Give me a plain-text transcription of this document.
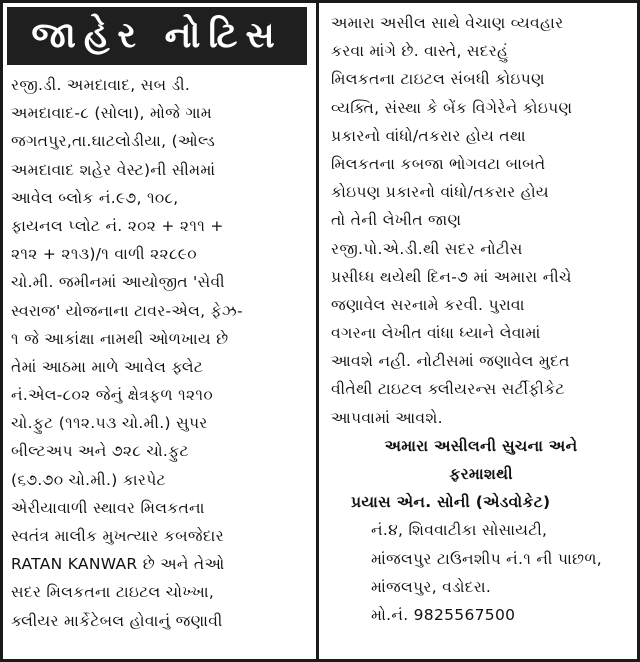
જાહેર નોટિસ
રજી.ડી. અમદાવાદ, સબ ડી.
અમદાવાદ-૮ (સોલા), મોજે ગામ
જગતપુર,તા.ઘાટલોડીયા, (ઓલ્ડ
અમદાવાદ શહેર વેસ્ટ)ની સીમમાં
આવેલ બ્લોક નં.૯૭, ૧૦૮,
ફાયનલ પ્લોટ નં. ૨૦૨ + ૨૧૧ +
૨૧૨ + ૨૧૩)/૧ વાળી ૨૨૮૯૦
ચો.મી. જમીનમાં આયોજીત 'સેવી
સ્વરાજ' યોજનાના ટાવર-એલ, ફેઝ-
૧ જે આકાંક્ષા નામથી ઓળખાય છે
તેમાં આઠમા માળે આવેલ ફ્લેટ
નં.એલ-૮૦૨ જેનું ક્ષેત્રફળ ૧૨૧૦
ચો.ફુટ (૧૧૨.૫૩ ચો.મી.) સુપર
બીલ્ટઅપ અને ૭૨૮ ચો.ફુટ
(૬૭.૭૦ ચો.મી.) કારપેટ
એરીયાવાળી સ્થાવર મિલકતના
સ્વતંત્ર માલીક મુખત્યાર કબજેદાર
RATAN KANWAR છે અને તેઓ
સદર મિલકતના ટાઇટલ ચોખ્ખા,
ક્લીયર માર્કેટેબલ હોવાનું જણાવી
અમારા અસીલ સાથે વેચાણ વ્યવહાર
કરવા માંગે છે. વાસ્તે, સદરહું
મિલકતના ટાઇટલ સંબધી કોઇપણ
વ્યક્તિ, સંસ્થા કે બેંક વિગેરેને કોઇપણ
પ્રકારનો વાંધો/તકરાર હોય તથા
મિલકતના કબજા ભોગવટા બાબતે
કોઇપણ પ્રકારનો વાંધો/તકરાર હોય
તો તેની લેખીત જાણ
રજી.પો.એ.ડી.થી સદર નોટીસ
પ્રસીધ્ધ થયેથી દિન-૭ માં અમારા નીચે
જણાવેલ સરનામે કરવી. પુરાવા
વગરના લેખીત વાંધા ધ્યાને લેવામાં
આવશે નહી. નોટીસમાં જણાવેલ મુદત
વીતેથી ટાઇટલ ક્લીયરન્સ સર્ટીફીકેટ
આપવામાં આવશે.
અમારા અસીલની સુચના અને
ફરમાશથી
પ્રયાસ એન. સોની (એડવોકેટ)
નં.૪, શિવવાટીકા સોસાયટી,
માંજલપુર ટાઉનશીપ નં.૧ ની પાછળ,
માંજલપુર, વડોદરા.
મો.નં. 9825567500
